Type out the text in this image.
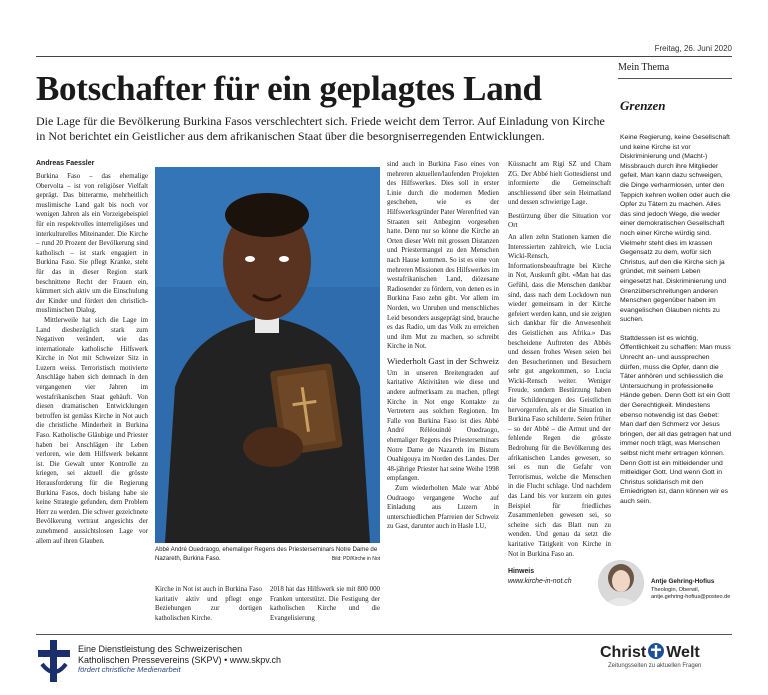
Freitag, 26. Juni 2020
Botschafter für ein geplagtes Land
Die Lage für die Bevölkerung Burkina Fasos verschlechtert sich. Friede weicht dem Terror. Auf Einladung von Kirche in Not berichtet ein Geistlicher aus dem afrikanischen Staat über die besorgniserregenden Entwicklungen.
Andreas Faessler

Burkina Faso – das ehemalige Obervolta – ist von religiöser Vielfalt geprägt. Das bitterarme, mehrheitlich muslimische Land galt bis noch vor wenigen Jahren als ein Vorzeigebeispiel für ein respektvolles interreligiöses und interkulturelles Miteinander. Die Kirche – rund 20 Prozent der Bevölkerung sind katholisch – ist stark engagiert in Burkina Faso. Sie pflegt Kranke, steht für das in dieser Region stark beschnittene Recht der Frauen ein, kümmert sich aktiv um die Einschulung der Kinder und fördert den christlich-muslimischen Dialog.

Mittlerweile hat sich die Lage im Land diesbezüglich stark zum Negativen verändert, wie das internationale katholische Hilfswerk Kirche in Not mit Schweizer Sitz in Luzern weiss. Terroristisch motivierte Anschläge haben sich demnach in den vergangenen vier Jahren im westafrikanischen Staat gehäuft. Von diesen dramatischen Entwicklungen betroffen ist gemäss Kirche in Not auch die christliche Minderheit in Burkina Faso. Katholische Gläubige und Priester haben bei Anschlägen ihr Leben verloren, wie dem Hilfswerk bekannt ist. Die Gewalt unter Kontrolle zu kriegen, sei aktuell die grösste Herausforderung für die Regierung Burkina Fasos, doch bislang habe sie keine Strategie gefunden, dem Problem Herr zu werden. Die schwer gezeichnete Bevölkerung vertraut angesichts der zunehmend aussichtslosen Lage vor allem auf ihren Glauben.

Abbé André Ouedraogo, ehemaliger Regens des Priesterseminars Notre Dame de Nazareth, Burkina Faso.	Bild: PD/Kirche in Not

Kirche in Not ist auch in Burkina Faso karitativ aktiv und pflegt enge Beziehungen zur dortigen katholischen Kirche.

2018 hat das Hilfswerk sie mit 800 000 Franken unterstützt. Die Festigung der katholischen Kirche und die Evangelisierung

sind auch in Burkina Faso eines von mehreren aktuellen/laufenden Projekten des Hilfswerkes. Dies soll in erster Linie durch die modernen Medien geschehen, wie es der Hilfswerksgründer Pater Werenfried van Straaten seit Anbeginn vorgesehen hatte. Denn nur so könne die Kirche an Orten dieser Welt mit grossen Distanzen und Priestermangel zu den Menschen nach Hause kommen. So ist es eine von mehreren Missionen des Hilfswerkes im westafrikanischen Land, diözesane Radiosender zu fördern, von denen es in Burkina Faso zehn gibt. Vor allem im Norden, wo Unruhen und menschliches Leid besonders ausgeprägt sind, brauche es das Radio, um das Volk zu erreichen und ihm Mut zu machen, so schreibt Kirche in Not.

Wiederholt Gast in der Schweiz

Um in unseren Breitengraden auf karitative Aktivitäten wie diese und andere aufmerksam zu machen, pflegt Kirche in Not enge Kontakte zu Vertretern aus solchen Regionen. Im Falle von Burkina Faso ist dies Abbé André Réléouindé Ouedraogo, ehemaliger Regens des Priesterseminars Notre Dame de Nazareth im Bistum Ouahigouya im Norden des Landes. Der 48-jährige Priester hat seine Weihe 1998 empfangen.

Zum wiederholten Male war Abbé Oudraogo vergangene Woche auf Einladung aus Luzern in unterschiedlichen Pfarreien der Schweiz zu Gast, darunter auch in Hasle LU,

Küssnacht am Rigi SZ und Cham ZG. Der Abbé hielt Gottesdienst und informierte die Gemeinschaft anschliessend über sein Heimatland und dessen schwierige Lage.

Bestürzung über die Situation vor Ort

An allen zehn Stationen kamen die Interessierten zahlreich, wie Lucia Wicki-Rensch, Informationsbeauftragte bei Kirche in Not, Auskunft gibt. «Man hat das Gefühl, dass die Menschen dankbar sind, dass nach dem Lockdown nun wieder gemeinsam in der Kirche gefeiert werden kann, und sie zeigten sich dankbar für die Anwesenheit des Geistlichen aus Afrika.» Das bescheidene Auftreten des Abbés und dessen frohes Wesen seien bei den Besucherinnen und Besuchern sehr gut angekommen, so Lucia Wicki-Rensch weiter. Weniger Freude, sondern Bestürzung haben die Schilderungen des Geistlichen hervorgerufen, als er die Situation in Burkina Faso schilderte. Seien früher – so der Abbé – die Armut und der fehlende Regen die grösste Bedrohung für die Bevölkerung des afrikanischen Landes gewesen, so sei es nun die Gefahr von Terrorismus, welche die Menschen in die Flucht schlage. Und nachdem das Land bis vor kurzem ein gutes Beispiel für friedliches Zusammenleben gewesen sei, so scheine sich das Blatt nun zu wenden. Und genau da setzt die karitative Tätigkeit von Kirche in Not in Burkina Faso an.

Hinweis
www.kirche-in-not.ch
Mein Thema
Grenzen

Keine Regierung, keine Gesellschaft und keine Kirche ist vor Diskriminierung und (Macht-) Missbrauch durch ihre Mitglieder gefeit. Man kann dazu schweigen, die Dinge verharmlosen, unter den Teppich kehren wollen oder auch die Opfer zu Tätern zu machen. Alles das sind jedoch Wege, die weder einer demokratischen Gesellschaft noch einer Kirche würdig sind. Vielmehr steht dies im krassen Gegensatz zu dem, wofür sich Christus, auf den die Kirche sich ja gründet, mit seinem Leben eingesetzt hat. Diskriminierung und Grenzüberschreitungen anderen Menschen gegenüber haben im evangelischen Glauben nichts zu suchen.

Stattdessen ist es wichtig, Öffentlichkeit zu schaffen: Man muss Unrecht an- und aussprechen dürfen, muss die Opfer, dann die Täter anhören und schliesslich die Untersuchung in professionelle Hände geben. Denn Gott ist ein Gott der Gerechtigkeit. Mindestens ebenso notwendig ist das Gebet: Man darf den Schmerz vor Jesus bringen, der all das getragen hat und immer noch trägt, was Menschen selbst nicht mehr ertragen können. Denn Gott ist ein mitleidender und mitleidiger Gott. Und wenn Gott in Christus solidarisch mit den Erniedrigten ist, dann können wir es auch sein.

Antje Gehring-Hofius
Theologin, Oberwil,
antje.gehring-hofius@posteo.de
Eine Dienstleistung des Schweizerischen
Katholischen Pressevereins (SKPV) • www.skpv.ch
fördert christliche Medienarbeit
Christ Welt
Zeitungsseiten zu aktuellen Fragen
